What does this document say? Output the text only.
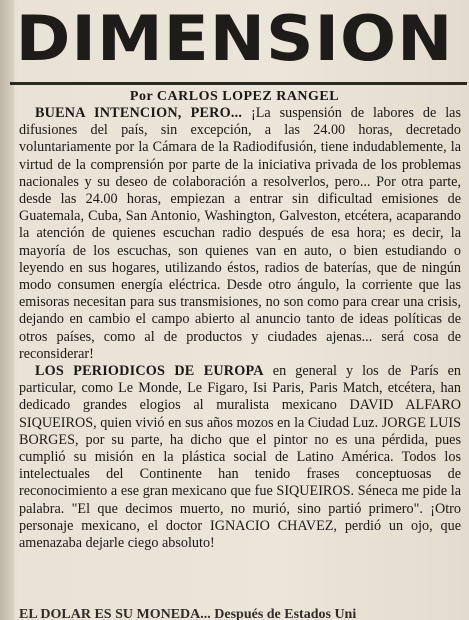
DIMENSION
Por CARLOS LOPEZ RANGEL

BUENA INTENCION, PERO... ¡La suspensión de labores de las difusiones del país, sin excepción, a las 24.00 horas, decretado voluntariamente por la Cámara de la Radiodifusión, tiene indudablemente, la virtud de la comprensión por parte de la iniciativa privada de los problemas nacionales y su deseo de colaboración a resolverlos, pero... Por otra parte, desde las 24.00 horas, empiezan a entrar sin dificultad emisiones de Guatemala, Cuba, San Antonio, Washington, Galveston, etcétera, acaparando la atención de quienes escuchan radio después de esa hora; es decir, la mayoría de los escuchas, son quienes van en auto, o bien estudiando o leyendo en sus hogares, utilizando éstos, radios de baterías, que de ningún modo consumen energía eléctrica. Desde otro ángulo, la corriente que las emisoras necesitan para sus transmisiones, no son como para crear una crisis, dejando en cambio el campo abierto al anuncio tanto de ideas políticas de otros países, como al de productos y ciudades ajenas... será cosa de reconsiderar!

LOS PERIODICOS DE EUROPA en general y los de París en particular, como Le Monde, Le Figaro, Isi Paris, Paris Match, etcétera, han dedicado grandes elogios al muralista mexicano DAVID ALFARO SIQUEIROS, quien vivió en sus años mozos en la Ciudad Luz. JORGE LUIS BORGES, por su parte, ha dicho que el pintor no es una pérdida, pues cumplió su misión en la plástica social de Latino América. Todos los intelectuales del Continente han tenido frases conceptuosas de reconocimiento a ese gran mexicano que fue SIQUEIROS. Séneca me pide la palabra. "El que decimos muerto, no murió, sino partió primero". ¡Otro personaje mexicano, el doctor IGNACIO CHAVEZ, perdió un ojo, que amenazaba dejarle ciego absoluto!

EL DOLAR ES SU MONEDA... Después de Estados Uni
